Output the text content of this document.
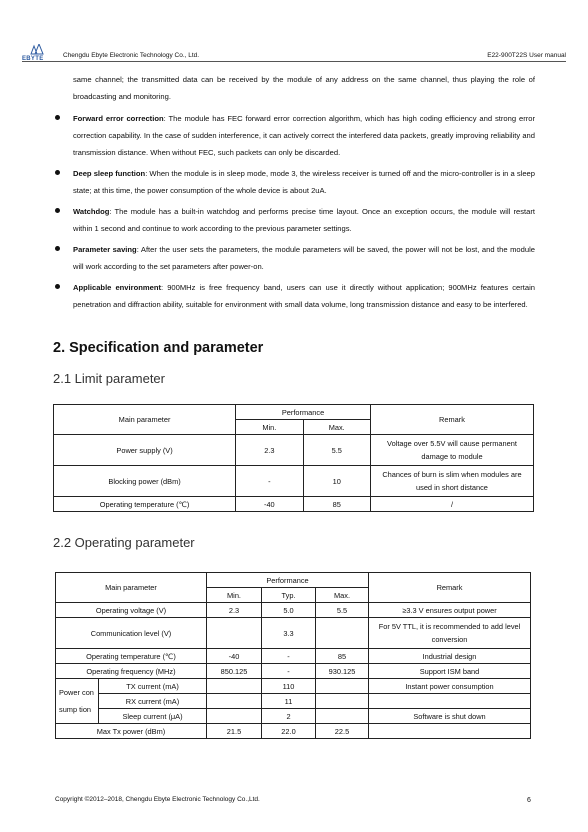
EBYTE	Chengdu Ebyte Electronic Technology Co., Ltd.	E22-900T22S User manual
same channel; the transmitted data can be received by the module of any address on the same channel, thus playing the role of broadcasting and monitoring.
Forward error correction: The module has FEC forward error correction algorithm, which has high coding efficiency and strong error correction capability. In the case of sudden interference, it can actively correct the interfered data packets, greatly improving reliability and transmission distance. When without FEC, such packets can only be discarded.
Deep sleep function: When the module is in sleep mode, mode 3, the wireless receiver is turned off and the micro-controller is in a sleep state; at this time, the power consumption of the whole device is about 2uA.
Watchdog: The module has a built-in watchdog and performs precise time layout. Once an exception occurs, the module will restart within 1 second and continue to work according to the previous parameter settings.
Parameter saving: After the user sets the parameters, the module parameters will be saved, the power will not be lost, and the module will work according to the set parameters after power-on.
Applicable environment: 900MHz is free frequency band, users can use it directly without application; 900MHz features certain penetration and diffraction ability, suitable for environment with small data volume, long transmission distance and easy to be interfered.
2. Specification and parameter
2.1 Limit parameter
Main parameter	Performance		Remark
	Min.	Max.	
Power supply (V)	2.3	5.5	Voltage over 5.5V will cause permanent damage to module
Blocking power (dBm)	-	10	Chances of burn is slim when modules are used in short distance
Operating temperature (℃)	-40	85	/
2.2 Operating parameter
Main parameter		Performance			Remark
		Min.	Typ.	Max.	
Operating voltage (V)		2.3	5.0	5.5	≥3.3 V ensures output power
Communication level (V)			3.3		For 5V TTL, it is recommended to add level conversion
Operating temperature (℃)		-40	-	85	Industrial design
Operating frequency (MHz)		850.125	-	930.125	Support ISM band
Power consump tion	TX current (mA)		110		Instant power consumption
	RX current (mA)		11		
	Sleep current (μA)		2		Software is shut down
Max Tx power (dBm)		21.5	22.0	22.5	
Copyright ©2012–2018, Chengdu Ebyte Electronic Technology Co.,Ltd.	6
